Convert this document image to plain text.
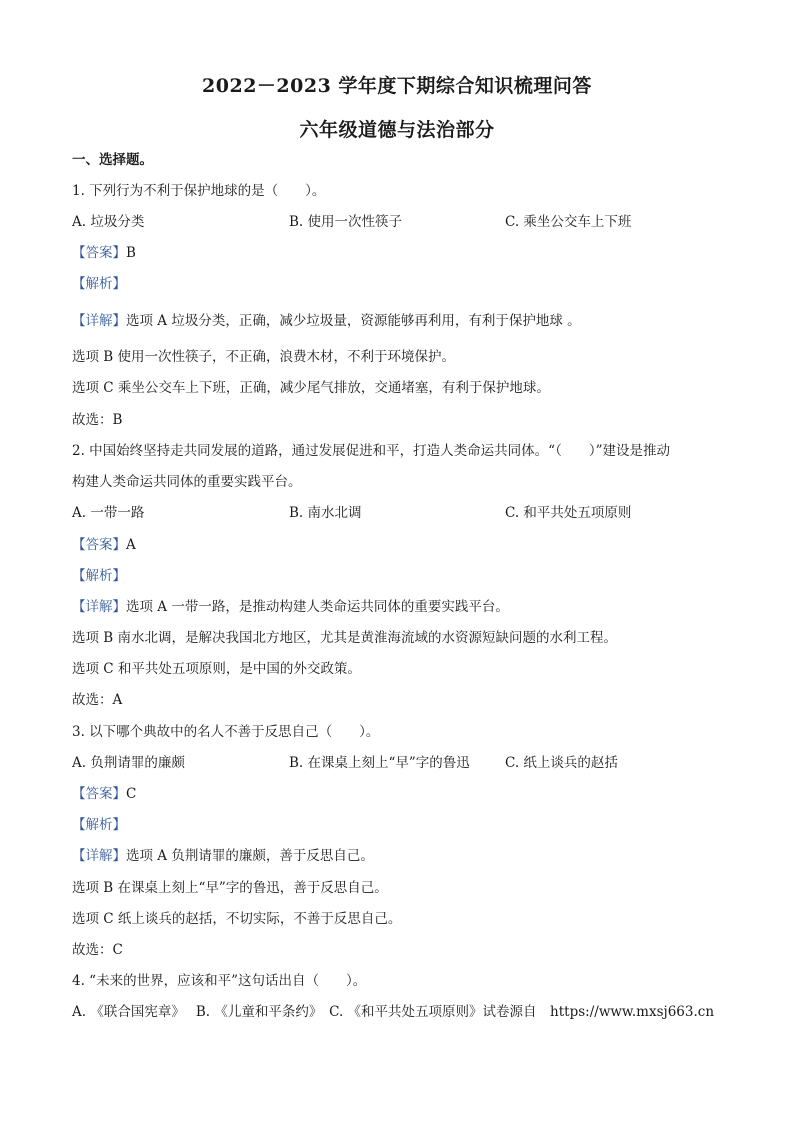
2022－2023 学年度下期综合知识梳理问答
六年级道德与法治部分
一、选择题。
1. 下列行为不利于保护地球的是（　　）。
A. 垃圾分类	B. 使用一次性筷子	C. 乘坐公交车上下班
【答案】B
【解析】
【详解】选项 A 垃圾分类，正确，减少垃圾量，资源能够再利用，有利于保护地球 。
选项 B 使用一次性筷子，不正确，浪费木材，不利于环境保护。
选项 C 乘坐公交车上下班，正确，减少尾气排放，交通堵塞，有利于保护地球。
故选：B
2. 中国始终坚持走共同发展的道路，通过发展促进和平，打造人类命运共同体。“（　　）”建设是推动
构建人类命运共同体的重要实践平台。
A. 一带一路	B. 南水北调	C. 和平共处五项原则
【答案】A
【解析】
【详解】选项 A 一带一路，是推动构建人类命运共同体的重要实践平台。
选项 B 南水北调，是解决我国北方地区，尤其是黄淮海流域的水资源短缺问题的水利工程。
选项 C 和平共处五项原则，是中国的外交政策。
故选：A
3. 以下哪个典故中的名人不善于反思自己（　　）。
A. 负荆请罪的廉颇	B. 在课桌上刻上“早”字的鲁迅	C. 纸上谈兵的赵括
【答案】C
【解析】
【详解】选项 A 负荆请罪的廉颇，善于反思自己。
选项 B 在课桌上刻上“早”字的鲁迅，善于反思自己。
选项 C 纸上谈兵的赵括，不切实际，不善于反思自己。
故选：C
4. “未来的世界，应该和平”这句话出自（　　）。
A. 《联合国宪章》　 B. 《儿童和平条约》　C. 《和平共处五项原则》试卷源自　https://www.mxsj663.cn
